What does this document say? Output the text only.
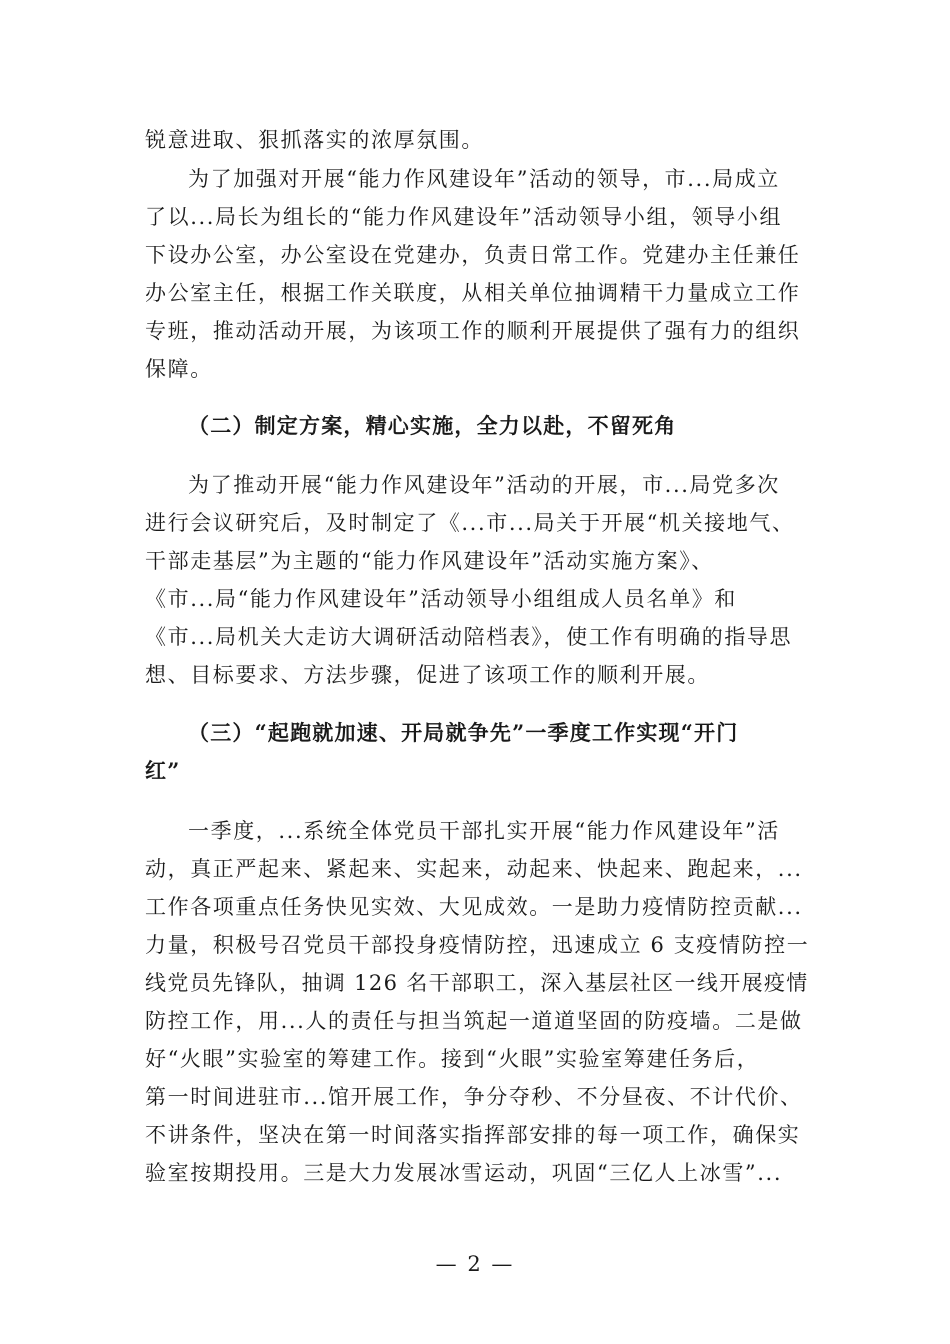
锐意进取、狠抓落实的浓厚氛围。
为了加强对开展“能力作风建设年”活动的领导，市...局成立
了以...局长为组长的“能力作风建设年”活动领导小组，领导小组
下设办公室，办公室设在党建办，负责日常工作。党建办主任兼任
办公室主任，根据工作关联度，从相关单位抽调精干力量成立工作
专班，推动活动开展，为该项工作的顺利开展提供了强有力的组织
保障。
（二）制定方案，精心实施，全力以赴，不留死角
为了推动开展“能力作风建设年”活动的开展，市...局党多次
进行会议研究后，及时制定了《...市...局关于开展“机关接地气、
干部走基层”为主题的“能力作风建设年”活动实施方案》、
《市...局“能力作风建设年”活动领导小组组成人员名单》和
《市...局机关大走访大调研活动陪档表》，使工作有明确的指导思
想、目标要求、方法步骤，促进了该项工作的顺利开展。
（三）“起跑就加速、开局就争先”一季度工作实现“开门
红”
一季度，...系统全体党员干部扎实开展“能力作风建设年”活
动，真正严起来、紧起来、实起来，动起来、快起来、跑起来，...
工作各项重点任务快见实效、大见成效。一是助力疫情防控贡献...
力量，积极号召党员干部投身疫情防控，迅速成立 6 支疫情防控一
线党员先锋队，抽调 126 名干部职工，深入基层社区一线开展疫情
防控工作，用...人的责任与担当筑起一道道坚固的防疫墙。二是做
好“火眼”实验室的筹建工作。接到“火眼”实验室筹建任务后，
第一时间进驻市...馆开展工作，争分夺秒、不分昼夜、不计代价、
不讲条件，坚决在第一时间落实指挥部安排的每一项工作，确保实
验室按期投用。三是大力发展冰雪运动，巩固“三亿人上冰雪”...
— 2 —
